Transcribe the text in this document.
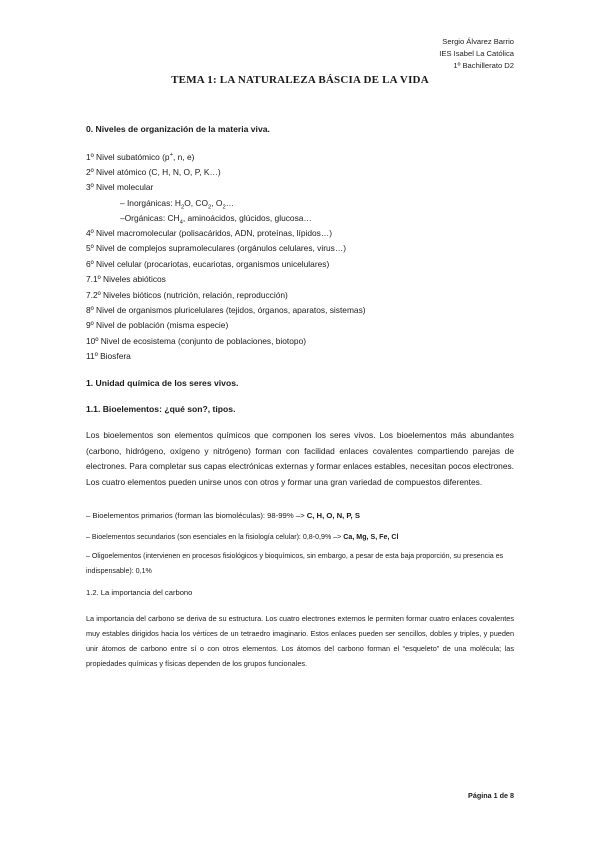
Sergio Álvarez Barrio
IES Isabel La Católica
1º Bachillerato D2
TEMA 1: LA NATURALEZA BÁSCIA DE LA VIDA
0. Niveles de organización de la materia viva.
1º Nivel subatómico (p+, n, e)
2º Nivel atómico (C, H, N, O, P, K…)
3º Nivel molecular
– Inorgánicas: $H_2O$, $CO_2$, $O_2\dots$
–Orgánicas: $CH_4$, aminoácidos, glúcidos, glucosa…
4º Nivel macromolecular (polisacáridos, ADN, proteínas, lípidos…)
5º Nivel de complejos supramoleculares (orgánulos celulares, virus…)
6º Nivel celular (procariotas, eucariotas, organismos unicelulares)
7.1º Niveles abióticos
7.2º Niveles bióticos (nutrición, relación, reproducción)
8º Nivel de organismos pluricelulares (tejidos, órganos, aparatos, sistemas)
9º Nivel de población (misma especie)
10º Nivel de ecosistema (conjunto de poblaciones, biotopo)
11º Biosfera
1. Unidad química de los seres vivos.
1.1. Bioelementos: ¿qué son?, tipos.
Los bioelementos son elementos químicos que componen los seres vivos. Los bioelementos más abundantes (carbono, hidrógeno, oxígeno y nitrógeno) forman con facilidad enlaces covalentes compartiendo parejas de electrones. Para completar sus capas electrónicas externas y formar enlaces estables, necesitan pocos electrones. Los cuatro elementos pueden unirse unos con otros y formar una gran variedad de compuestos diferentes.
– Bioelementos primarios (forman las biomoléculas): 98-99% –> C, H, O, N, P, S
– Bioelementos secundarios (son esenciales en la fisiología celular): 0,8-0,9% –> Ca, Mg, S, Fe, Cl
– Oligoelementos (intervienen en procesos fisiológicos y bioquímicos, sin embargo, a pesar de esta baja proporción, su presencia es indispensable): 0,1%
1.2. La importancia del carbono
La importancia del carbono se deriva de su estructura. Los cuatro electrones externos le permiten formar cuatro enlaces covalentes muy estables dirigidos hacia los vértices de un tetraedro imaginario. Estos enlaces pueden ser sencillos, dobles y triples, y pueden unir átomos de carbono entre sí o con otros elementos. Los átomos del carbono forman el “esqueleto” de una molécula; las propiedades químicas y físicas dependen de los grupos funcionales.
Página 1 de 8
